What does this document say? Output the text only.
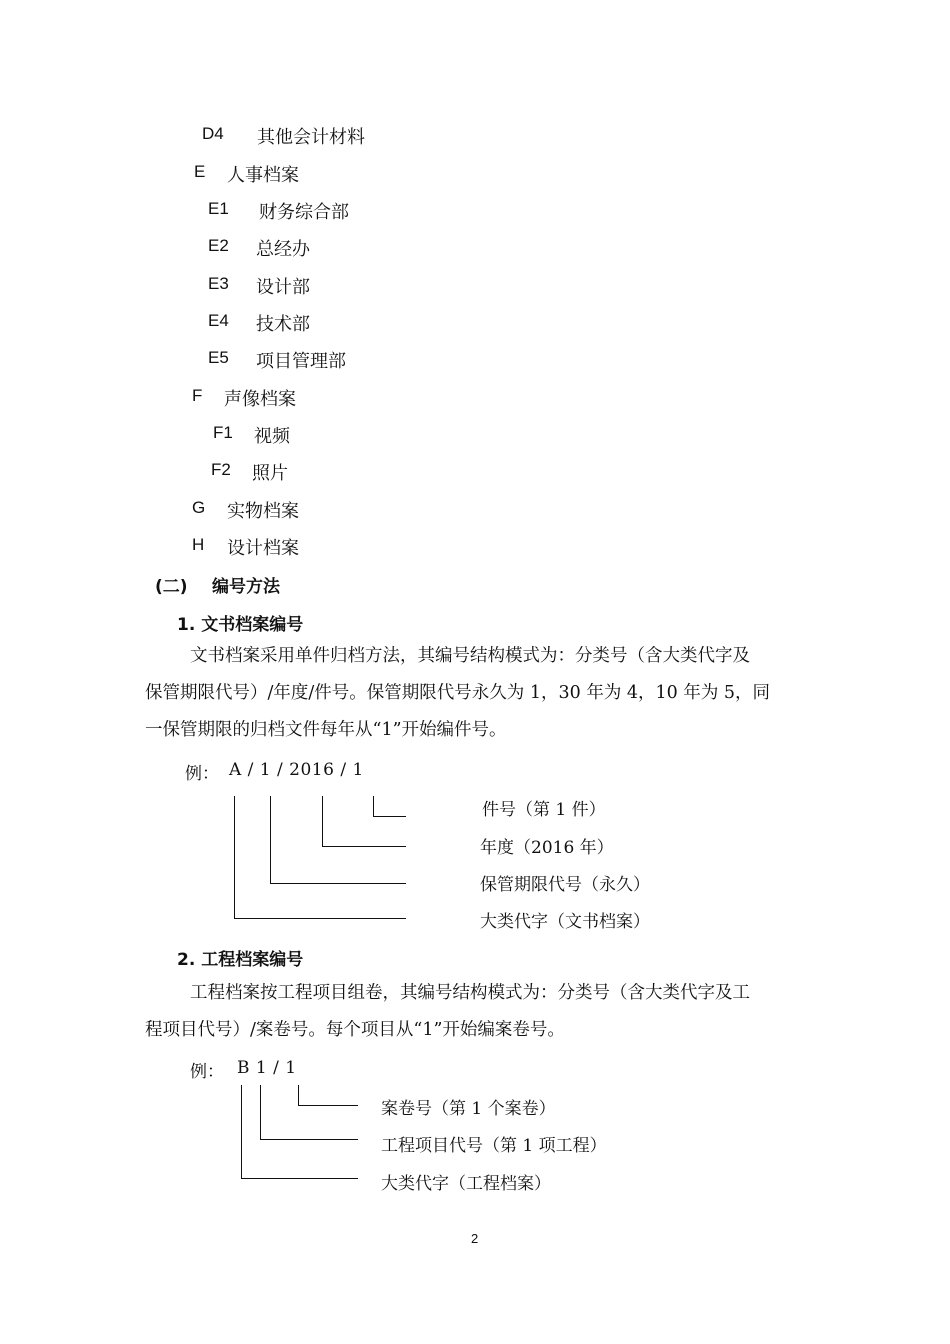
D4 其他会计材料
E 人事档案
E1 财务综合部
E2 总经办
E3 设计部
E4 技术部
E5 项目管理部
F 声像档案
F1 视频
F2 照片
G 实物档案
H 设计档案
(二) 编号方法
1. 文书档案编号
文书档案采用单件归档方法，其编号结构模式为：分类号（含大类代字及
保管期限代号）/年度/件号。保管期限代号永久为 1，30 年为 4，10 年为 5，同
一保管期限的归档文件每年从“1”开始编件号。
例： A / 1 / 2016 / 1
件号（第 1 件）
年度（2016 年）
保管期限代号（永久）
大类代字（文书档案）
2. 工程档案编号
工程档案按工程项目组卷，其编号结构模式为：分类号（含大类代字及工
程项目代号）/案卷号。每个项目从“1”开始编案卷号。
例： B 1 / 1
案卷号（第 1 个案卷）
工程项目代号（第 1 项工程）
大类代字（工程档案）
2
